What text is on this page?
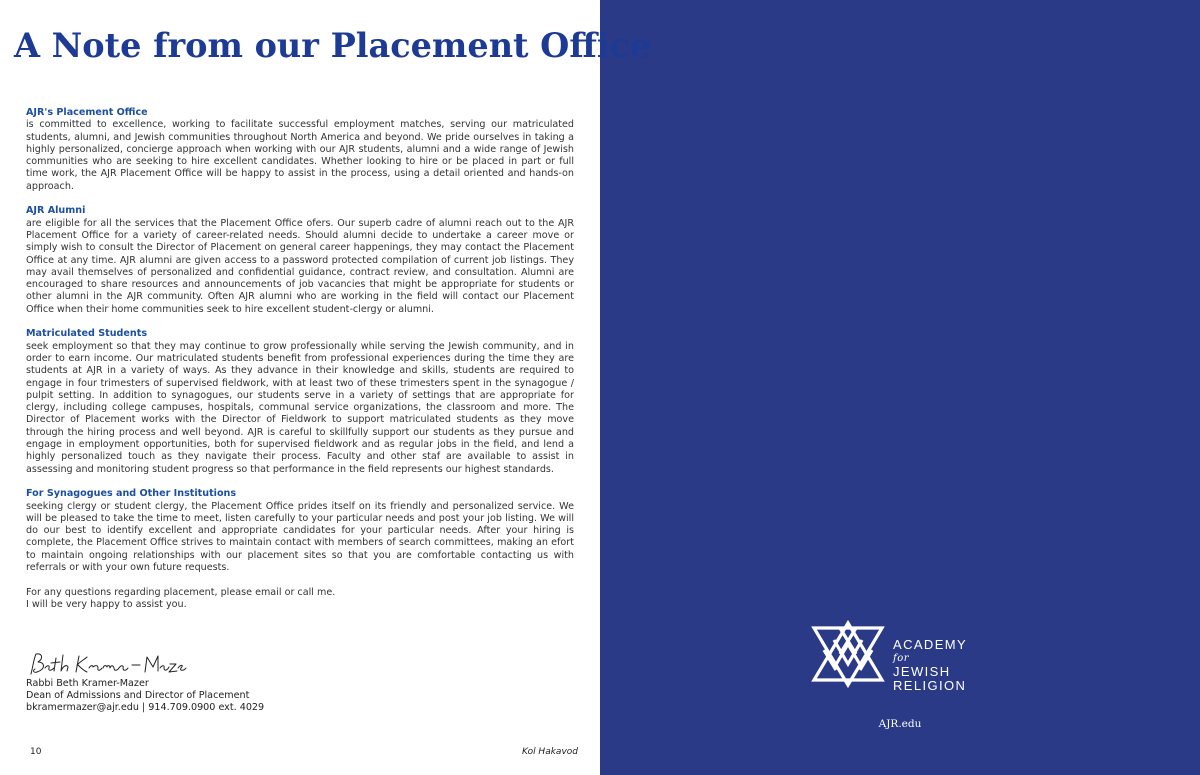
A Note from our Placement Office

AJR's Placement Office
is committed to excellence, working to facilitate successful employment matches, serving our matriculated students, alumni, and Jewish communities throughout North America and beyond. We pride ourselves in taking a highly personalized, concierge approach when working with our AJR students, alumni and a wide range of Jewish communities who are seeking to hire excellent candidates. Whether looking to hire or be placed in part or full time work, the AJR Placement Office will be happy to assist in the process, using a detail oriented and hands-on approach.

AJR Alumni
are eligible for all the services that the Placement Office ofers. Our superb cadre of alumni reach out to the AJR Placement Office for a variety of career-related needs. Should alumni decide to undertake a career move or simply wish to consult the Director of Placement on general career happenings, they may contact the Placement Office at any time. AJR alumni are given access to a password protected compilation of current job listings. They may avail themselves of personalized and confidential guidance, contract review, and consultation. Alumni are encouraged to share resources and announcements of job vacancies that might be appropriate for students or other alumni in the AJR community. Often AJR alumni who are working in the field will contact our Placement Office when their home communities seek to hire excellent student-clergy or alumni.

Matriculated Students
seek employment so that they may continue to grow professionally while serving the Jewish community, and in order to earn income. Our matriculated students benefit from professional experiences during the time they are students at AJR in a variety of ways. As they advance in their knowledge and skills, students are required to engage in four trimesters of supervised fieldwork, with at least two of these trimesters spent in the synagogue / pulpit setting. In addition to synagogues, our students serve in a variety of settings that are appropriate for clergy, including college campuses, hospitals, communal service organizations, the classroom and more. The Director of Placement works with the Director of Fieldwork to support matriculated students as they move through the hiring process and well beyond. AJR is careful to skillfully support our students as they pursue and engage in employment opportunities, both for supervised fieldwork and as regular jobs in the field, and lend a highly personalized touch as they navigate their process. Faculty and other staf are available to assist in assessing and monitoring student progress so that performance in the field represents our highest standards.

For Synagogues and Other Institutions
seeking clergy or student clergy, the Placement Office prides itself on its friendly and personalized service. We will be pleased to take the time to meet, listen carefully to your particular needs and post your job listing. We will do our best to identify excellent and appropriate candidates for your particular needs. After your hiring is complete, the Placement Office strives to maintain contact with members of search committees, making an efort to maintain ongoing relationships with our placement sites so that you are comfortable contacting us with referrals or with your own future requests.

For any questions regarding placement, please email or call me.
I will be very happy to assist you.

Rabbi Beth Kramer-Mazer
Dean of Admissions and Director of Placement
bkramermazer@ajr.edu | 914.709.0900 ext. 4029
10	Kol Hakavod
ACADEMY
for
JEWISH
RELIGION
AJR.edu
